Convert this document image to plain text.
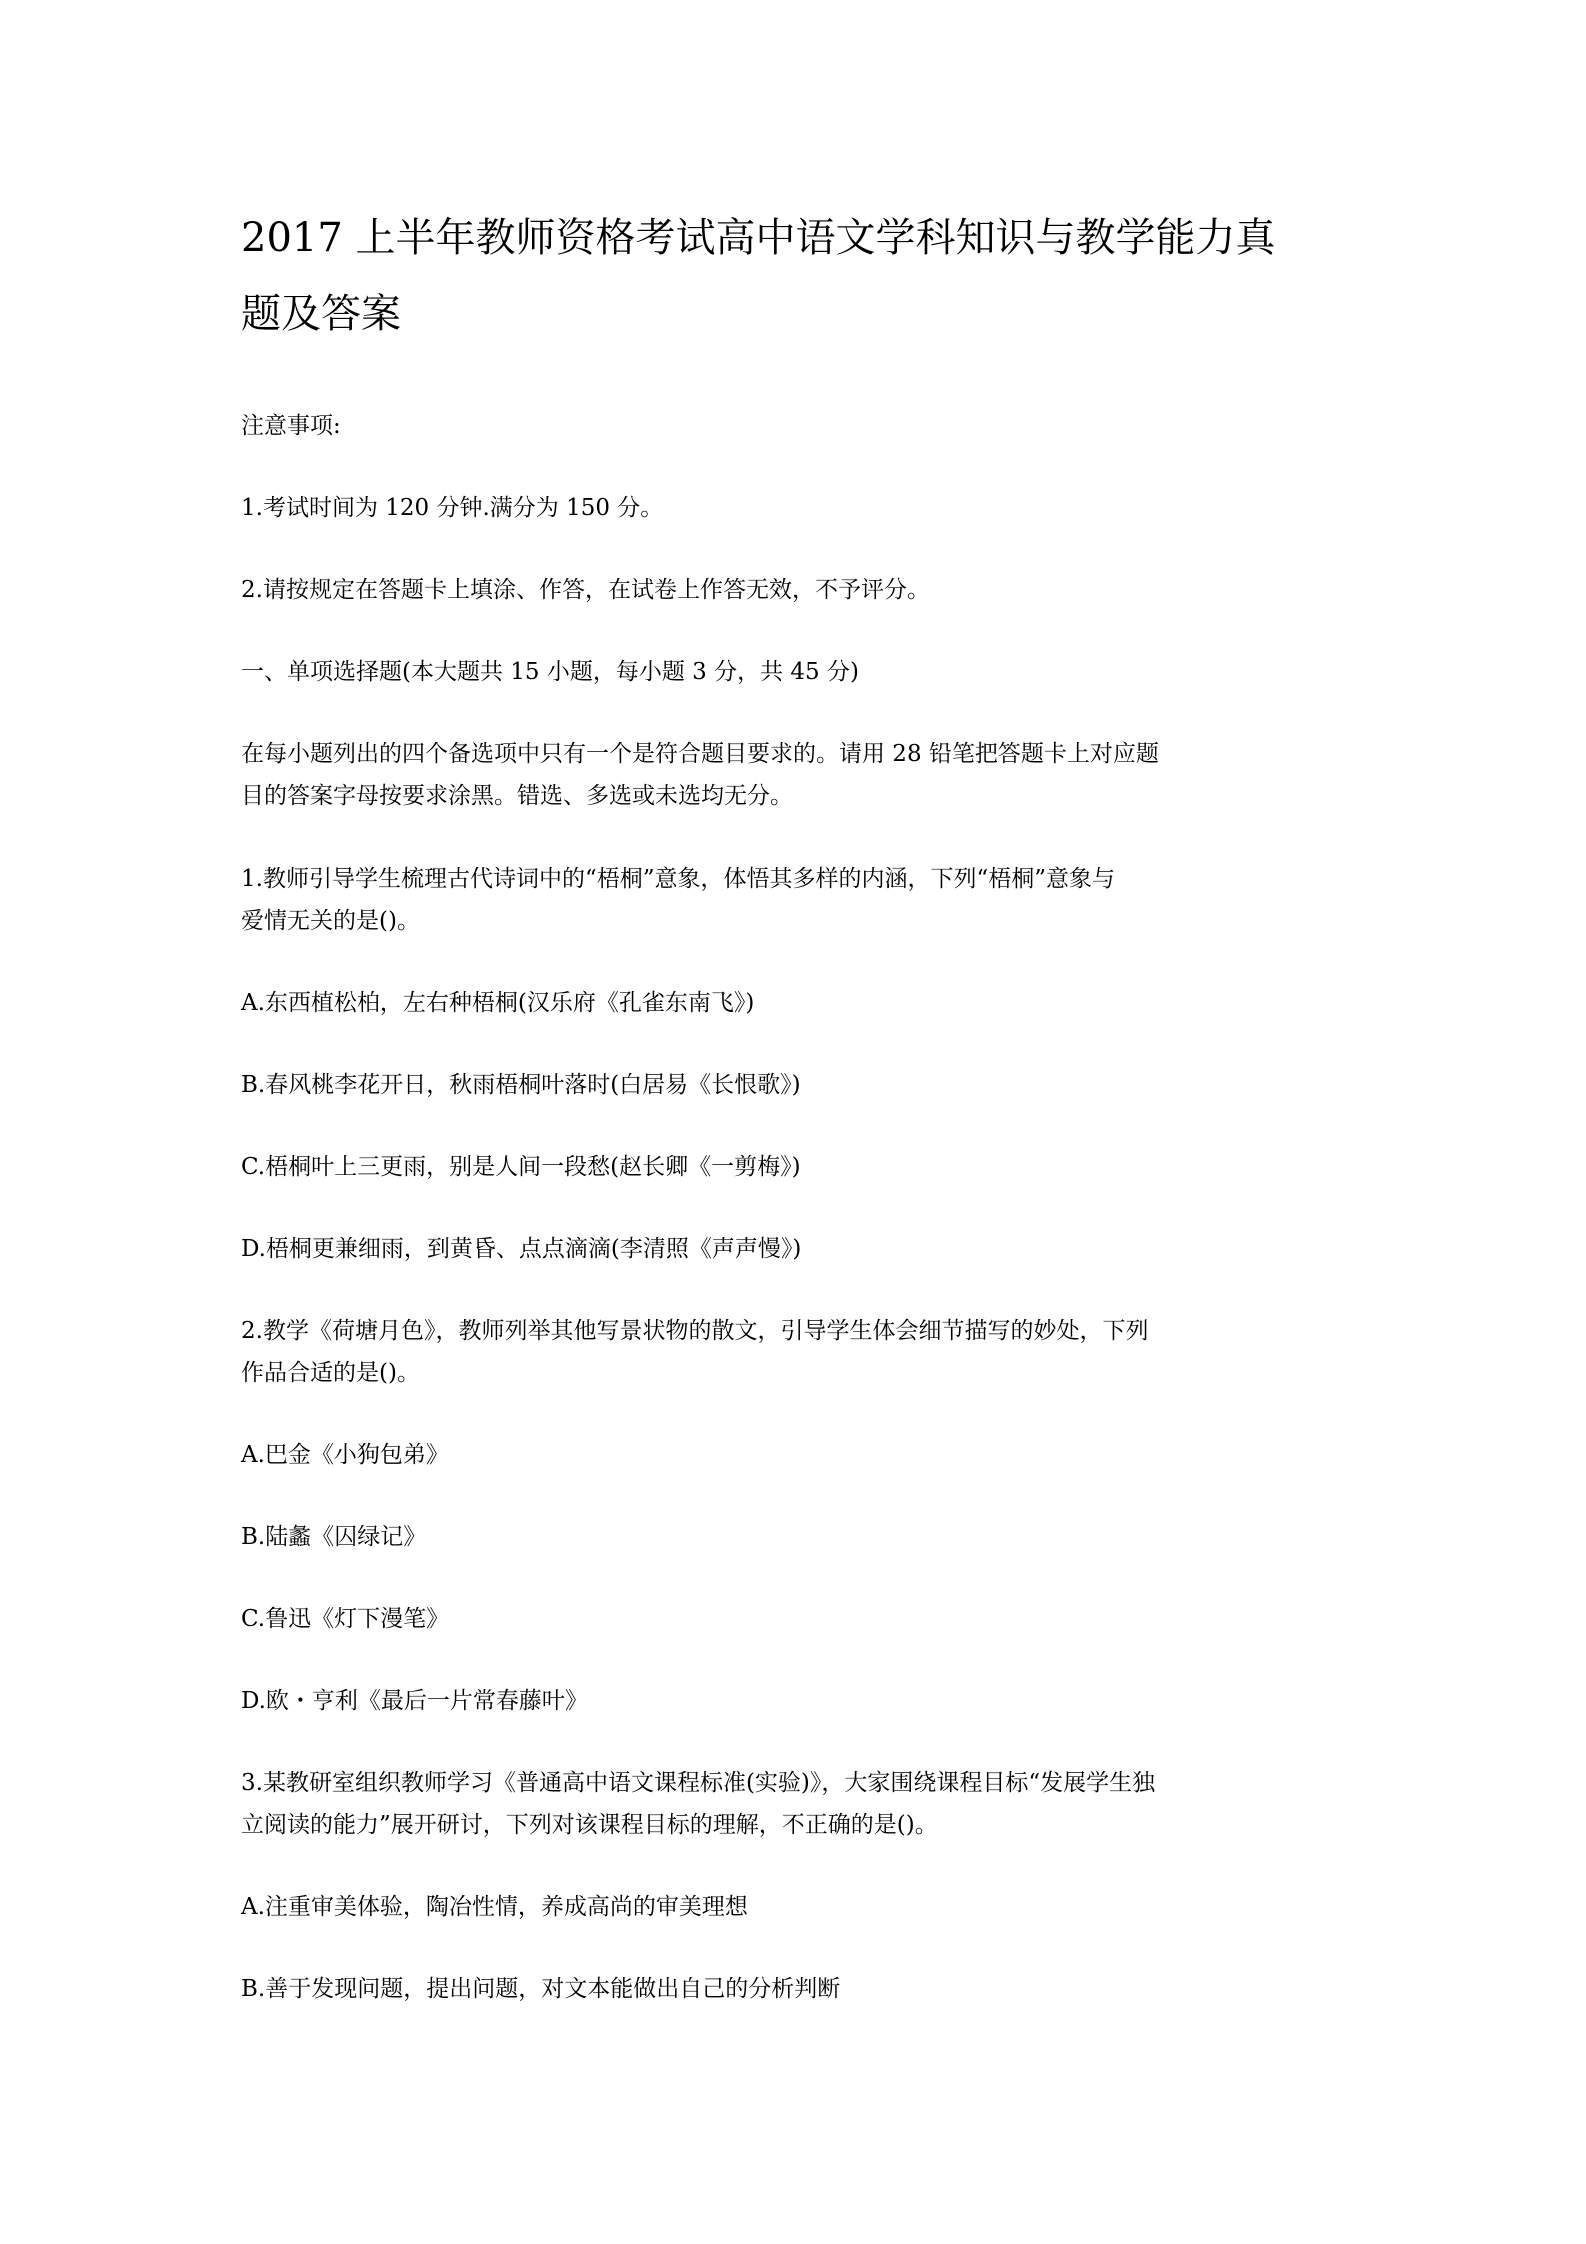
2017 上半年教师资格考试高中语文学科知识与教学能力真
题及答案

注意事项:

1.考试时间为 120 分钟.满分为 150 分。

2.请按规定在答题卡上填涂、作答，在试卷上作答无效，不予评分。

一、单项选择题(本大题共 15 小题，每小题 3 分，共 45 分)

在每小题列出的四个备选项中只有一个是符合题目要求的。请用 28 铅笔把答题卡上对应题

目的答案字母按要求涂黑。错选、多选或未选均无分。

1.教师引导学生梳理古代诗词中的“梧桐”意象，体悟其多样的内涵，下列“梧桐”意象与

爱情无关的是()。

A.东西植松柏，左右种梧桐(汉乐府《孔雀东南飞》)

B.春风桃李花开日，秋雨梧桐叶落时(白居易《长恨歌》)

C.梧桐叶上三更雨，别是人间一段愁(赵长卿《一剪梅》)

D.梧桐更兼细雨，到黄昏、点点滴滴(李清照《声声慢》)

2.教学《荷塘月色》，教师列举其他写景状物的散文，引导学生体会细节描写的妙处，下列

作品合适的是()。

A.巴金《小狗包弟》

B.陆蠡《囚绿记》

C.鲁迅《灯下漫笔》

D.欧・亨利《最后一片常春藤叶》

3.某教研室组织教师学习《普通高中语文课程标准(实验)》，大家围绕课程目标“发展学生独

立阅读的能力”展开研讨，下列对该课程目标的理解，不正确的是()。

A.注重审美体验，陶冶性情，养成高尚的审美理想

B.善于发现问题，提出问题，对文本能做出自己的分析判断
